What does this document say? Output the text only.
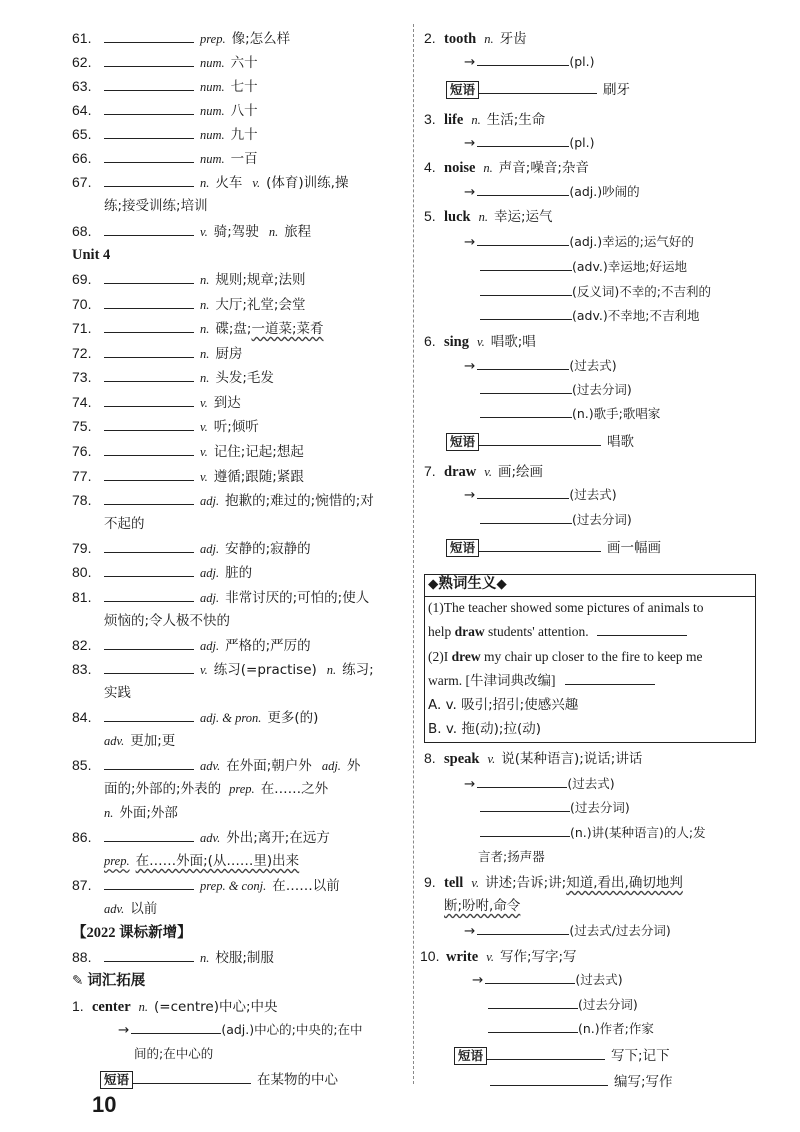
61.	prep. 像;怎么样
62.	num. 六十
63.	num. 七十
64.	num. 八十
65.	num. 九十
66.	num. 一百
67.	n. 火车 v. (体育)训练,操
练;接受训练;培训
68.	v. 骑;驾驶 n. 旅程
Unit 4
69.	n. 规则;规章;法则
70.	n. 大厅;礼堂;会堂
71.	n. 碟;盘;一道菜;菜肴
72.	n. 厨房
73.	n. 头发;毛发
74.	v. 到达
75.	v. 听;倾听
76.	v. 记住;记起;想起
77.	v. 遵循;跟随;紧跟
78.	adj. 抱歉的;难过的;惋惜的;对
不起的
79.	adj. 安静的;寂静的
80.	adj. 脏的
81.	adj. 非常讨厌的;可怕的;使人
烦恼的;令人极不快的
82.	adj. 严格的;严厉的
83.	v. 练习(=practise) n. 练习;
实践
84.	adj. & pron. 更多(的)
adv. 更加;更
85.	adv. 在外面;朝户外 adj. 外
面的;外部的;外表的 prep. 在……之外
n. 外面;外部
86.	adv. 外出;离开;在远方
prep. 在……外面;(从……里)出来
87.	prep. & conj. 在……以前
adv. 以前
【2022 课标新增】
88.	n. 校服;制服
✎ 词汇拓展
1. center n. (=centre)中心;中央
→	(adj.)中心的;中央的;在中
间的;在中心的
短语	在某物的中心
2. tooth n. 牙齿
→	(pl.)
短语	刷牙
3. life n. 生活;生命
→	(pl.)
4. noise n. 声音;噪音;杂音
→	(adj.)吵闹的
5. luck n. 幸运;运气
→	(adj.)幸运的;运气好的
(adv.)幸运地;好运地
(反义词)不幸的;不吉利的
(adv.)不幸地;不吉利地
6. sing v. 唱歌;唱
→	(过去式)
(过去分词)
(n.)歌手;歌唱家
短语	唱歌
7. draw v. 画;绘画
→	(过去式)
(过去分词)
短语	画一幅画
◆熟词生义◆
(1)The teacher showed some pictures of animals to
help draw students' attention.
(2)I drew my chair up closer to the fire to keep me
warm. [牛津词典改编]
A. v. 吸引;招引;使感兴趣
B. v. 拖(动);拉(动)
8. speak v. 说(某种语言);说话;讲话
→	(过去式)
(过去分词)
(n.)讲(某种语言)的人;发
言者;扬声器
9. tell v. 讲述;告诉;讲;知道,看出,确切地判
断;吩咐,命令
→	(过去式/过去分词)
10. write v. 写作;写字;写
→	(过去式)
(过去分词)
(n.)作者;作家
短语	写下;记下
编写;写作
10
